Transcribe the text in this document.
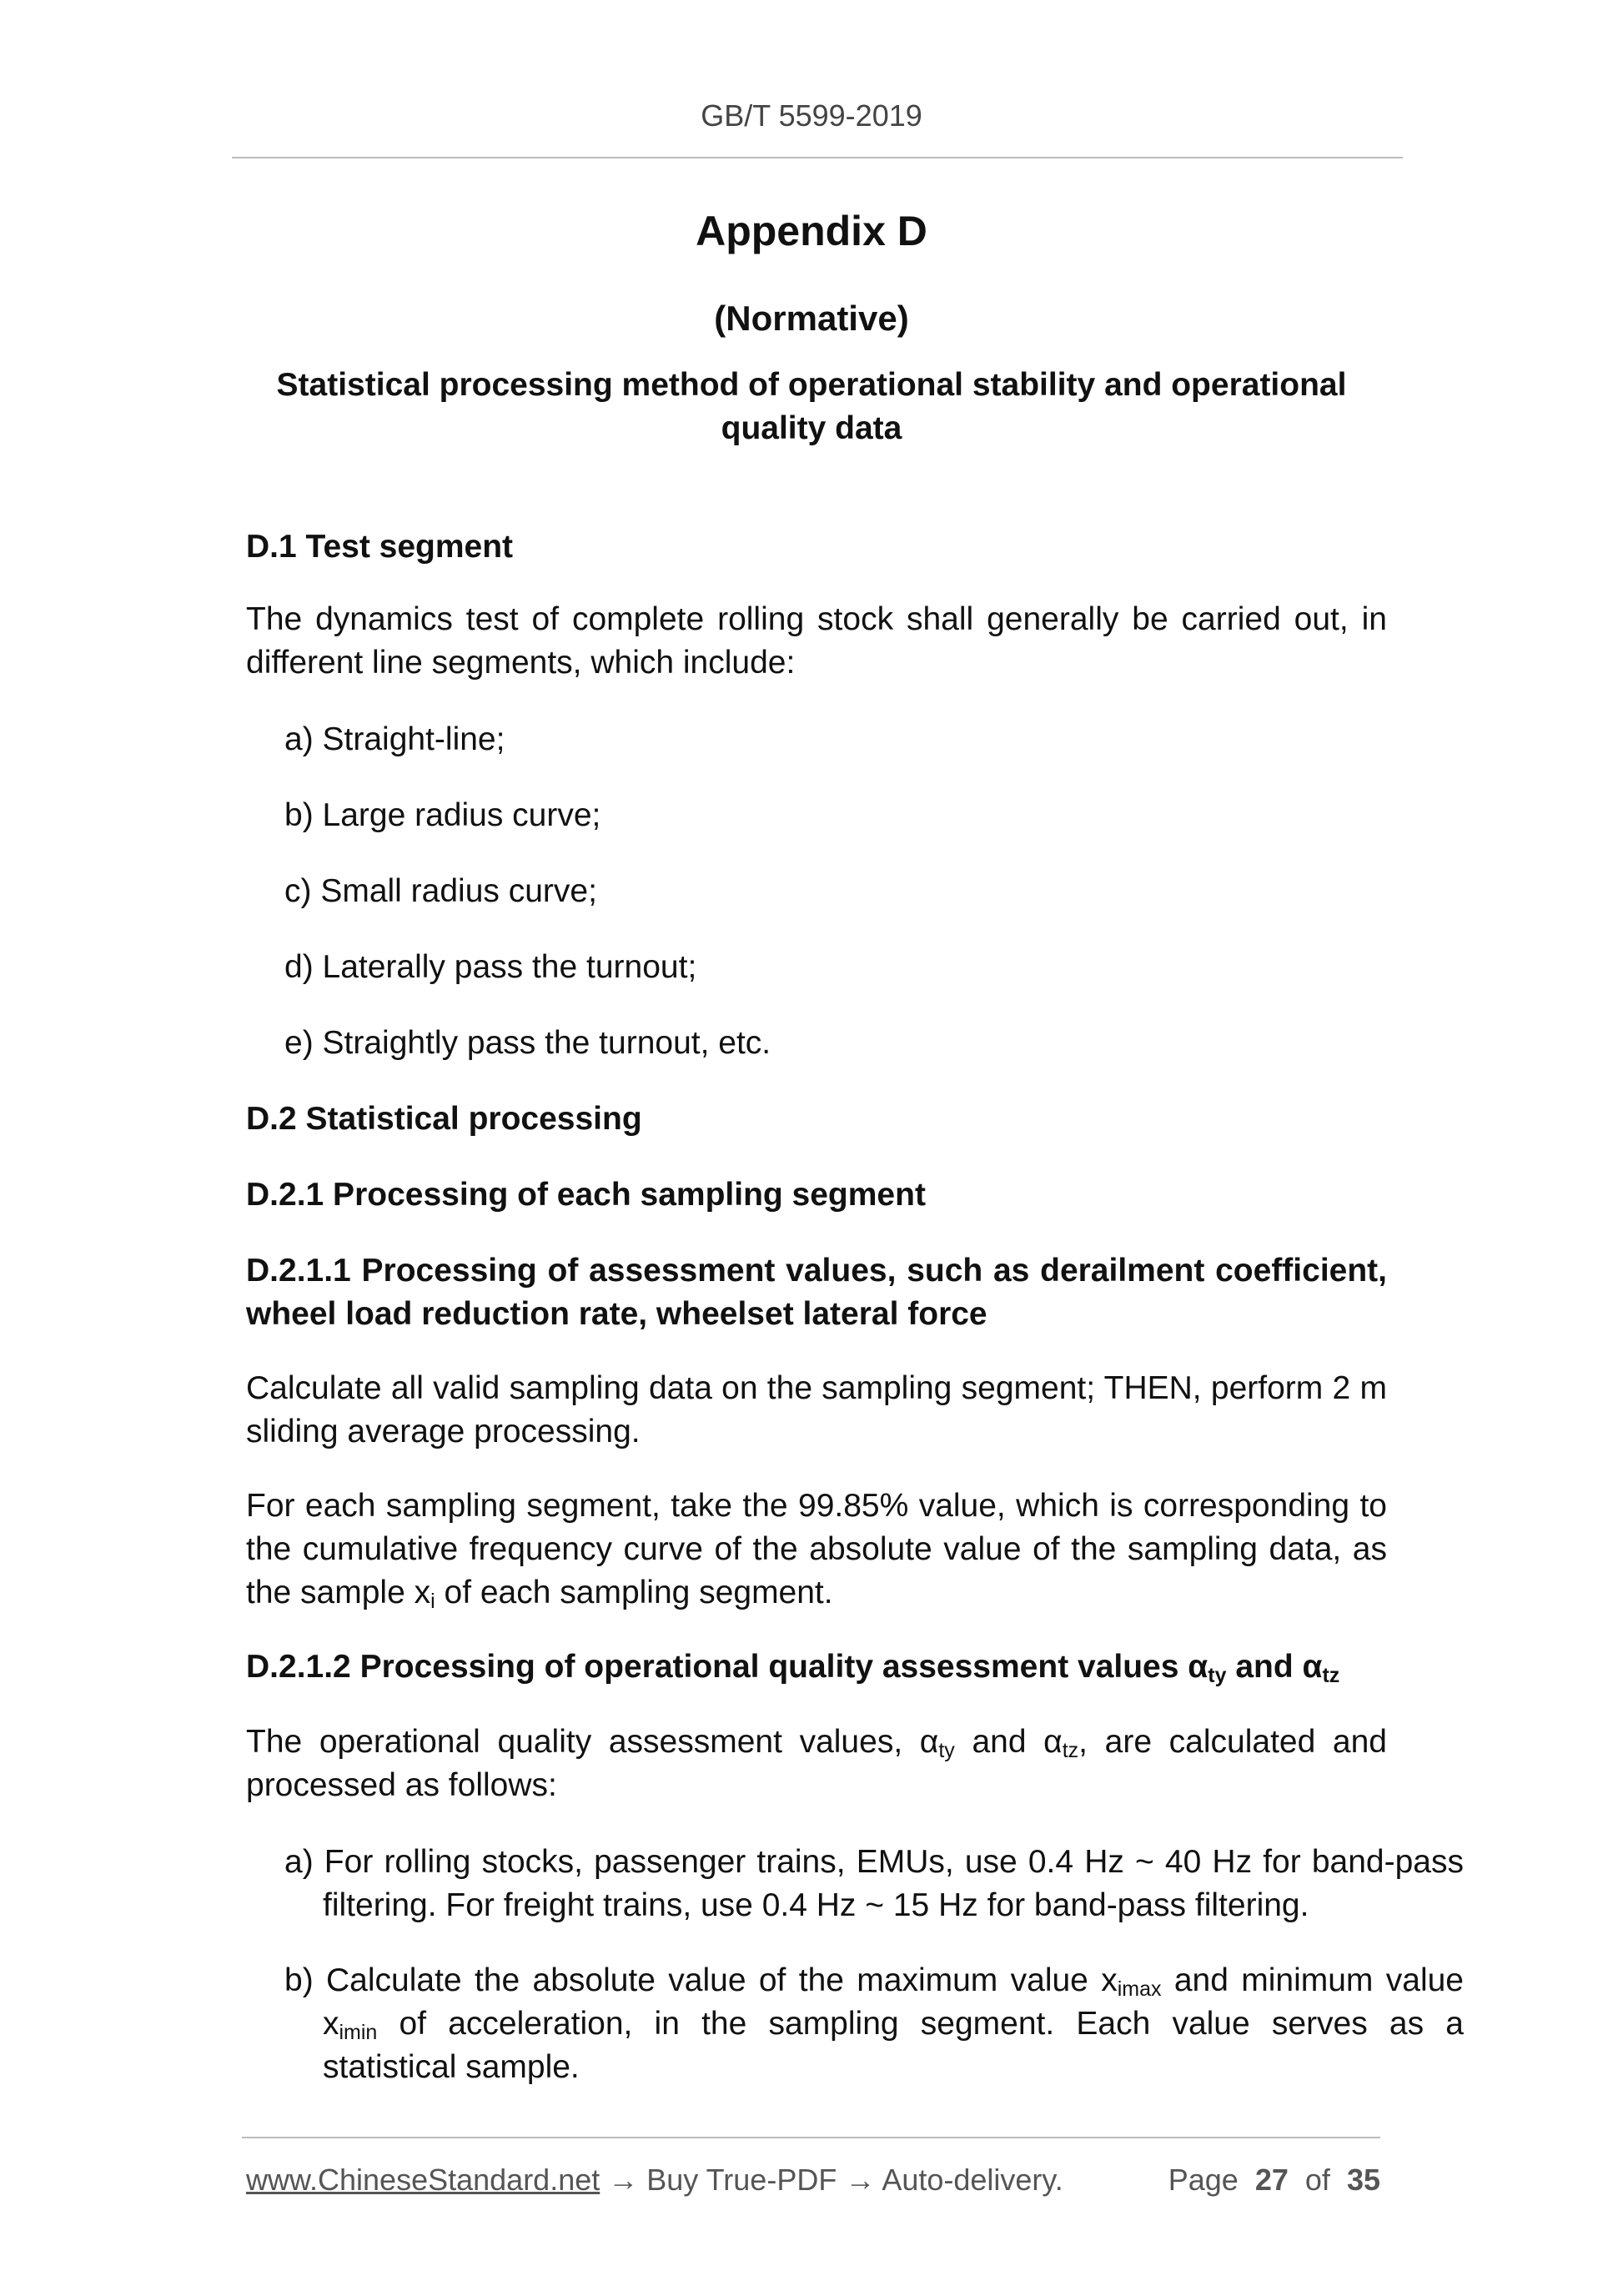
GB/T 5599-2019
Appendix D
(Normative)
Statistical processing method of operational stability and operational quality data

D.1 Test segment

The dynamics test of complete rolling stock shall generally be carried out, in different line segments, which include:

a) Straight-line;

b) Large radius curve;

c) Small radius curve;

d) Laterally pass the turnout;

e) Straightly pass the turnout, etc.

D.2 Statistical processing

D.2.1 Processing of each sampling segment

D.2.1.1 Processing of assessment values, such as derailment coefficient, wheel load reduction rate, wheelset lateral force

Calculate all valid sampling data on the sampling segment; THEN, perform 2 m sliding average processing.

For each sampling segment, take the 99.85% value, which is corresponding to the cumulative frequency curve of the absolute value of the sampling data, as the sample $x_i$ of each sampling segment.

D.2.1.2 Processing of operational quality assessment values $\alpha_{ty}$ and $\alpha_{tz}$

The operational quality assessment values, $\alpha_{ty}$ and $\alpha_{tz}$, are calculated and processed as follows:

a) For rolling stocks, passenger trains, EMUs, use 0.4 Hz ~ 40 Hz for band-pass filtering. For freight trains, use 0.4 Hz ~ 15 Hz for band-pass filtering.

b) Calculate the absolute value of the maximum value $x_{imax}$ and minimum value $x_{imin}$ of acceleration, in the sampling segment. Each value serves as a statistical sample.

www.ChineseStandard.net → Buy True-PDF → Auto-delivery.	Page 27 of 35
